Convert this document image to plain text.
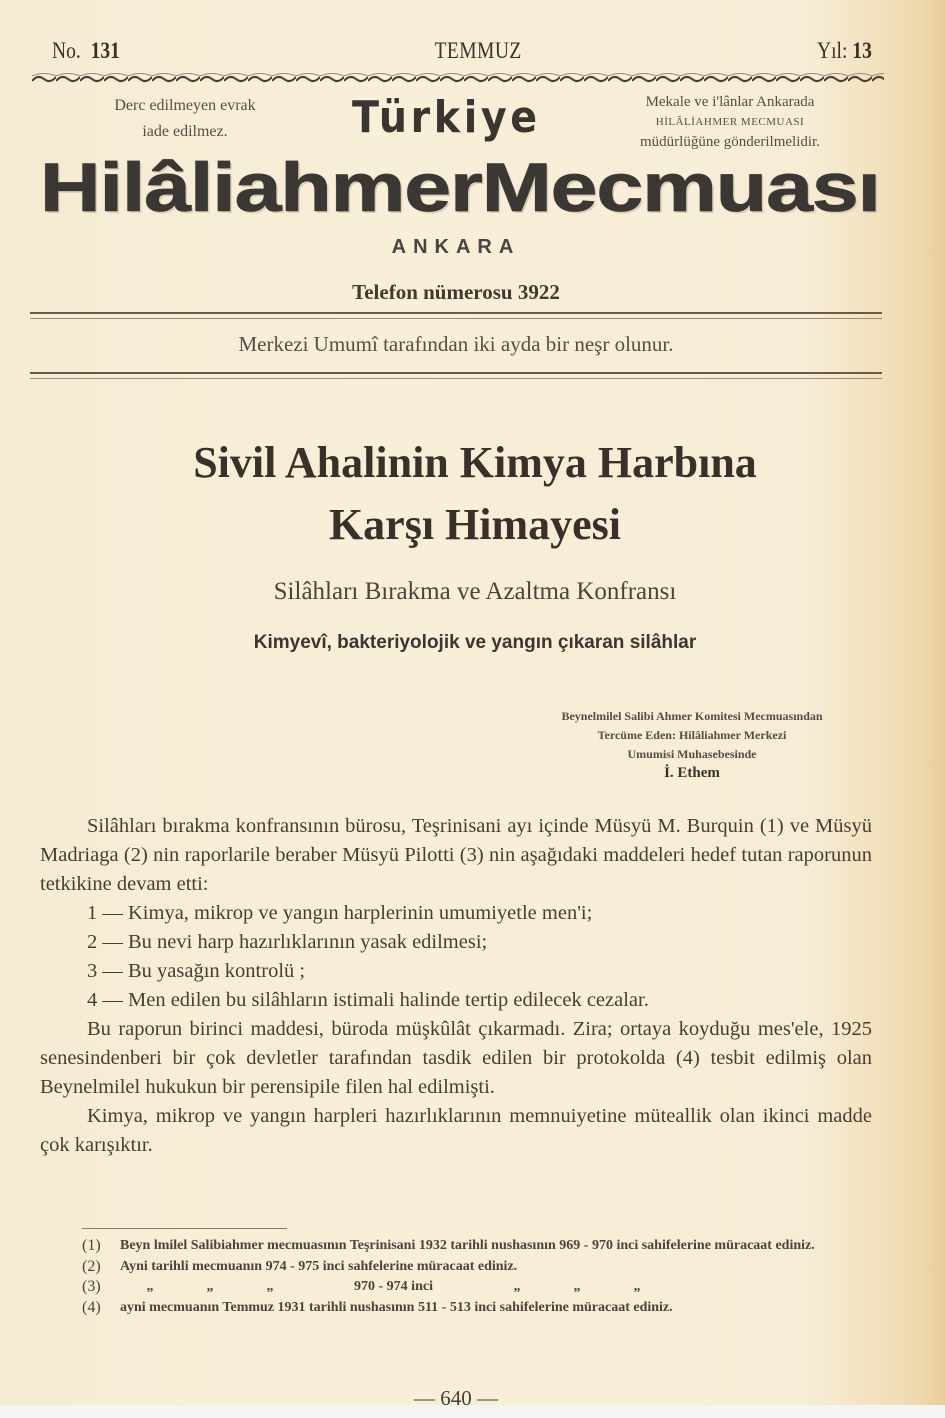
No. 131	TEMMUZ	Yıl: 13
Derc edilmeyen evrak
iade edilmez.	Türkiye	Mekale ve i'lânlar Ankarada
HİLÂLİAHMER MECMUASI
müdürlüğüne gönderilmelidir.
HilâliahmerMecmuası
ANKARA
Telefon nümerosu 3922
Merkezi Umumî tarafından iki ayda bir neşr olunur.
Sivil Ahalinin Kimya Harbına
Karşı Himayesi
Silâhları Bırakma ve Azaltma Konfransı
Kimyevî, bakteriyolojik ve yangın çıkaran silâhlar
Beynelmilel Salibi Ahmer Komitesi Mecmuasından
Tercüme Eden: Hilâliahmer Merkezi
Umumisi Muhasebesinde
İ. Ethem

Silâhları bırakma konfransının bürosu, Teşrinisani ayı içinde Müsyü M. Burquin (1) ve Müsyü Madriaga (2) nin raporlarile beraber Müsyü Pilotti (3) nin aşağıdaki maddeleri hedef tutan raporunun tetkikine devam etti:

1 — Kimya, mikrop ve yangın harplerinin umumiyetle men'i;

2 — Bu nevi harp hazırlıklarının yasak edilmesi;

3 — Bu yasağın kontrolü ;

4 — Men edilen bu silâhların istimali halinde tertip edilecek cezalar.

Bu raporun birinci maddesi, büroda müşkûlât çıkarmadı. Zira; ortaya koyduğu mes'ele, 1925 senesindenberi bir çok devletler tarafından tasdik edilen bir protokolda (4) tesbit edilmiş olan Beynelmilel hukukun bir perensipile filen hal edilmişti.

Kimya, mikrop ve yangın harpleri hazırlıklarının memnuiyetine müteallik olan ikinci madde çok karışıktır.

(1)	Beyn lmilel Salibiahmer mecmuasının Teşrinisani 1932 tarihli nushasının 969 - 970 inci sahifelerine müracaat ediniz.
(2)	Ayni tarihli mecmuanın 974 - 975 inci sahfelerine müracaat ediniz.
(3)	„	„	„	970 - 974 inci	„	„	„
(4)	ayni mecmuanın Temmuz 1931 tarihli nushasının 511 - 513 inci sahifelerine müracaat ediniz.
— 640 —
